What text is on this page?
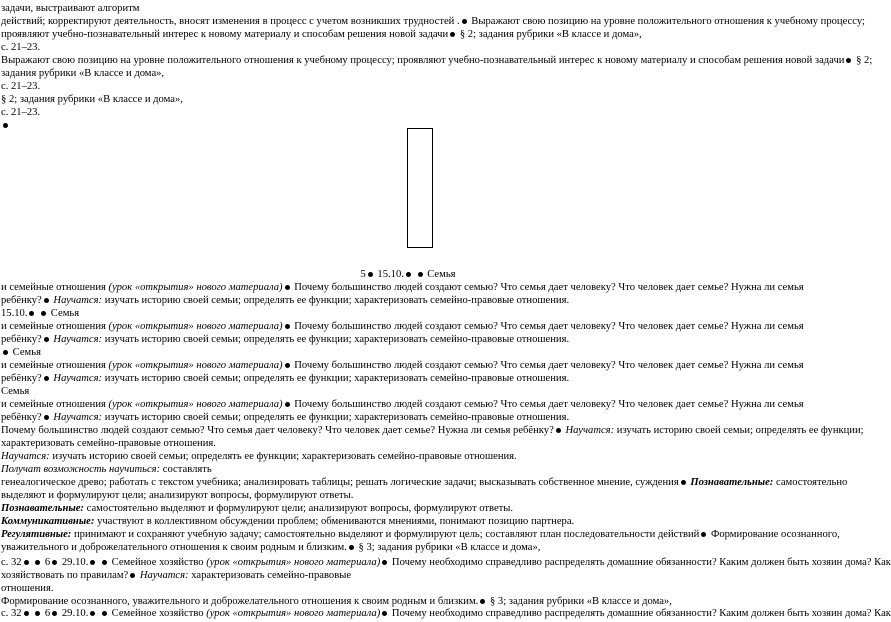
задачи, выстраивают алгоритм
действий; корректируют деятельность, вносят изменения в процесс с учетом возникших трудностей . Выражают свою позицию на уровне положительного отношения к учебному процессу;
проявляют учебно-познавательный интерес к новому материалу и способам решения новой задачи § 2; задания рубрики «В классе и дома»,
с. 21–23.
Выражают свою позицию на уровне положительного отношения к учебному процессу; проявляют учебно-познавательный интерес к новому материалу и способам решения новой задачи § 2;
задания рубрики «В классе и дома»,
с. 21–23.
§ 2; задания рубрики «В классе и дома»,
с. 21–23.
5 15.10. Семья
и семейные отношения (урок «открытия» нового материала) Почему большинство людей создают семью? Что семья дает человеку? Что человек дает семье? Нужна ли семья
ребёнку? Научатся: изучать историю своей семьи; определять ее функции; характеризовать семейно-правовые отношения.
15.10. Семья
и семейные отношения (урок «открытия» нового материала) Почему большинство людей создают семью? Что семья дает человеку? Что человек дает семье? Нужна ли семья
ребёнку? Научатся: изучать историю своей семьи; определять ее функции; характеризовать семейно-правовые отношения.
Семья
и семейные отношения (урок «открытия» нового материала) Почему большинство людей создают семью? Что семья дает человеку? Что человек дает семье? Нужна ли семья
ребёнку? Научатся: изучать историю своей семьи; определять ее функции; характеризовать семейно-правовые отношения.
Семья
и семейные отношения (урок «открытия» нового материала) Почему большинство людей создают семью? Что семья дает человеку? Что человек дает семье? Нужна ли семья
ребёнку? Научатся: изучать историю своей семьи; определять ее функции; характеризовать семейно-правовые отношения.
Почему большинство людей создают семью? Что семья дает человеку? Что человек дает семье? Нужна ли семья ребёнку? Научатся: изучать историю своей семьи; определять ее функции;
характеризовать семейно-правовые отношения.
Научатся: изучать историю своей семьи; определять ее функции; характеризовать семейно-правовые отношения.
Получат возможность научиться: составлять
генеалогическое древо; работать с текстом учебника; анализировать таблицы; решать логические задачи; высказывать собственное мнение, суждения Познавательные: самостоятельно
выделяют и формулируют цели; анализируют вопросы, формулируют ответы.
Познавательные: самостоятельно выделяют и формулируют цели; анализируют вопросы, формулируют ответы.
Коммуникативные: участвуют в коллективном обсуждении проблем; обмениваются мнениями, понимают позицию партнера.
Регулятивные: принимают и сохраняют учебную задачу; самостоятельно выделяют и формулируют цель; составляют план последовательности действий Формирование осознанного,
уважительного и доброжелательного отношения к своим родным и близким. § 3; задания рубрики «В классе и дома»,
с. 32 6 29.10. Семейное хозяйство (урок «открытия» нового материала) Почему необходимо справедливо распределять домашние обязанности? Каким должен быть хозяин дома? Как
хозяйствовать по правилам? Научатся: характеризовать семейно-правовые
отношения.
Формирование осознанного, уважительного и доброжелательного отношения к своим родным и близким. § 3; задания рубрики «В классе и дома»,
с. 32 6 29.10. Семейное хозяйство (урок «открытия» нового материала) Почему необходимо справедливо распределять домашние обязанности? Каким должен быть хозяин дома? Как
